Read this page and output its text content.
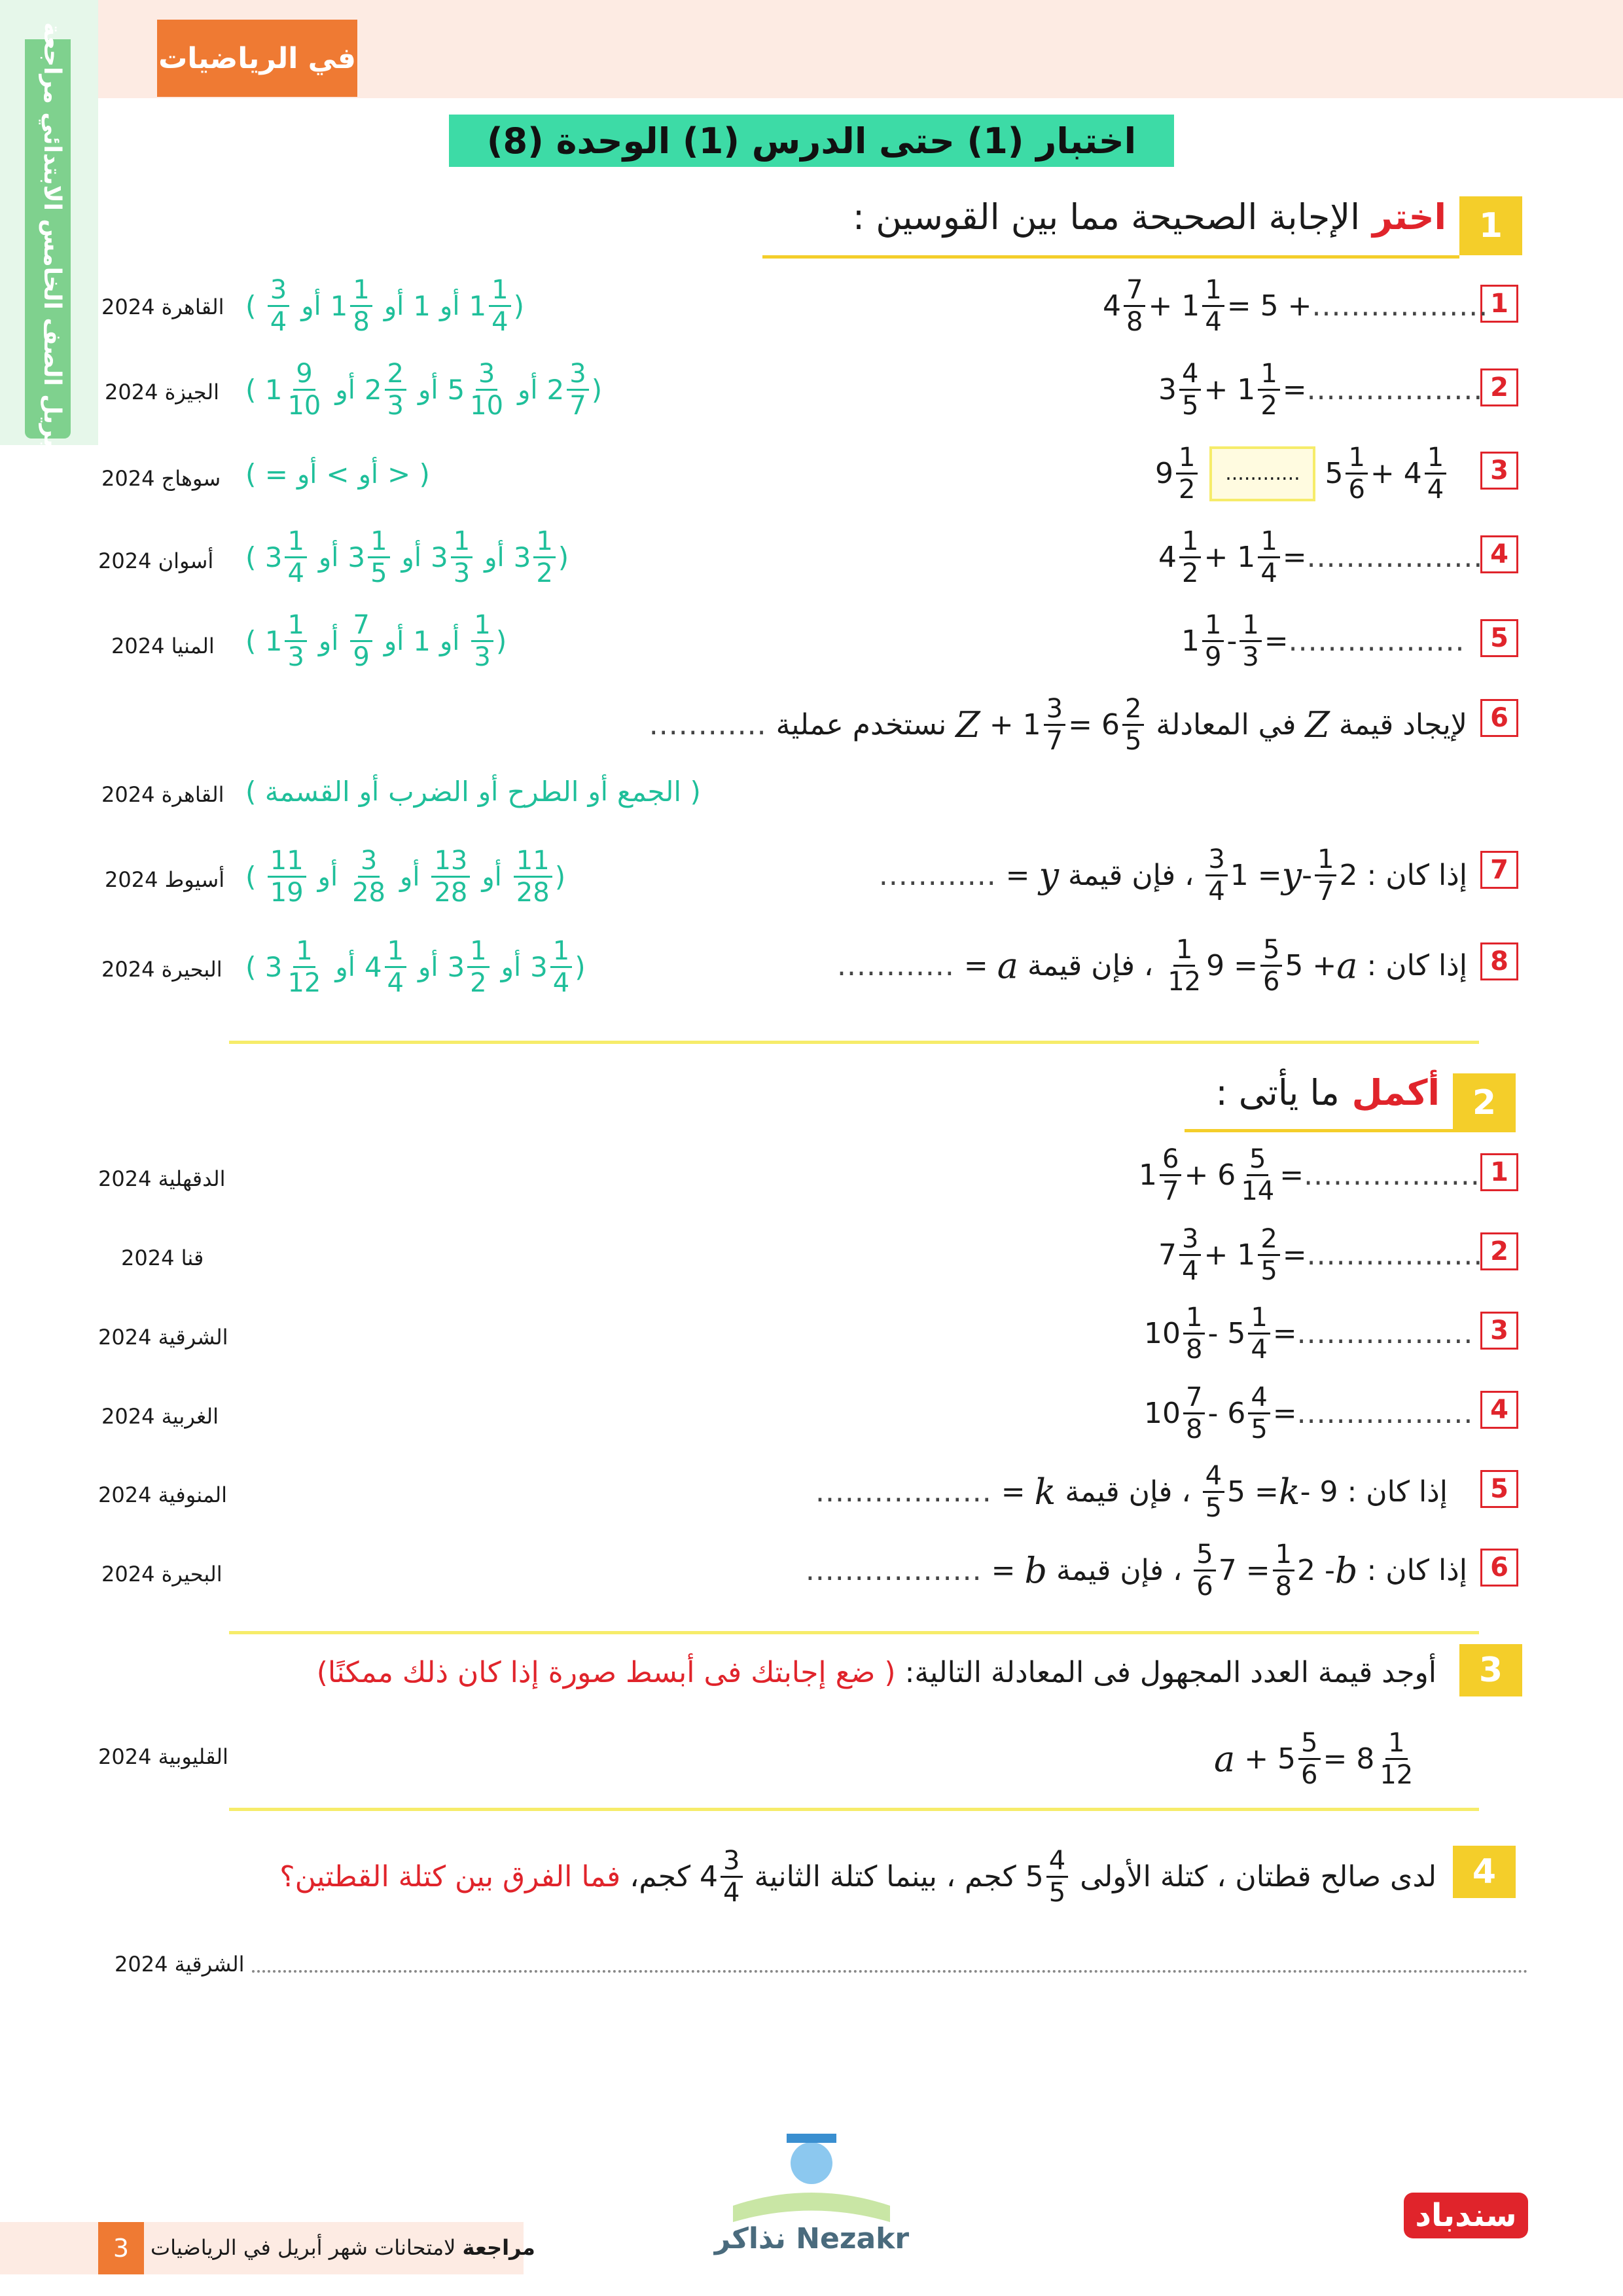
في الرياضيات
أبريل الصف الخامس الابتدائي مراجعة	اختبار (1) حتى الدرس (1) الوحدة (8)
1
اختر الإجابة الصحيحة مما بين القوسين :
1
$4 \frac{7}{8} + 1 \frac{1}{4} = 5$ + ..................
( $\frac{3}{4}$ أو $1 \frac{1}{8}$ أو 1 أو $1 \frac{1}{4}$ )
القاهرة 2024
2
$3 \frac{4}{5} + 1 \frac{1}{2}$ = ..................
( $1 \frac{9}{10}$ أو $2 \frac{2}{3}$ أو $5 \frac{3}{10}$ أو $2 \frac{3}{7}$ )
الجيزة 2024
3
$9 \frac{1}{2}$ ............ $5 \frac{1}{6} + 4 \frac{1}{4}$
( = أو < أو > )
سوهاج 2024
4
$4 \frac{1}{2} + 1 \frac{1}{4}$ = ..................
( $3 \frac{1}{4}$ أو $3 \frac{1}{5}$ أو $3 \frac{1}{3}$ أو $3 \frac{1}{2}$ )
أسوان 2024
5
$1 \frac{1}{9} - \frac{1}{3}$ = ..................
( $1 \frac{1}{3}$ أو $\frac{7}{9}$ أو 1 أو $\frac{1}{3}$ )
المنيا 2024
6
لإيجاد قيمة

Z

في المعادلة

$Z + 1 \frac{3}{7} = 6 \frac{2}{5}$

نستخدم عملية

............
( القسمة أو الضرب أو الطرح أو الجمع )
القاهرة 2024
7
إذا كان :

$\frac{3}{4} 1 = y - \frac{1}{7} 2$

، فإن قيمة

y
=
............
( $\frac{11}{19}$ أو $\frac{3}{28}$ أو $\frac{13}{28}$ أو $\frac{11}{28}$ )
أسيوط 2024
8
إذا كان :

$\frac{1}{12} 9 = \frac{5}{6} 5 + a$

، فإن قيمة

a
=
............
( $3 \frac{1}{12}$ أو $4 \frac{1}{4}$ أو $3 \frac{1}{2}$ أو $3 \frac{1}{4}$ )
البحيرة 2024
2
أكمل ما يأتى :
1
$1 \frac{6}{7} + 6 \frac{5}{14}$ = ..................
الدقهلية 2024
2
$7 \frac{3}{4} + 1 \frac{2}{5}$ = ..................
قنا 2024
3
$10 \frac{1}{8} - 5 \frac{1}{4}$ = ..................
الشرقية 2024
4
$10 \frac{7}{8} - 6 \frac{4}{5}$ = ..................
الغربية 2024
5
إذا كان :

$\frac{4}{5} 5 = k - 9$

، فإن قيمة

k
=
..................
المنوفية 2024
6
إذا كان :

$\frac{5}{6} 7 = \frac{1}{8} 2 - b$

، فإن قيمة

b
=
..................
البحيرة 2024
3
أوجد قيمة العدد المجهول فى المعادلة التالية: ( ضع إجابتك فى أبسط صورة إذا كان ذلك ممكنًا)
$a + 5 \frac{5}{6} = 8 \frac{1}{12}$
القليوبية 2024
4
لدى صالح قطتان ، كتلة الأولى

$5 \frac{4}{5}$

كجم ، بينما كتلة الثانية

$4 \frac{3}{4}$

كجم،

فما الفرق بين كتلة القطتين؟
الشرقية 2024
Nezakr نذاكر
3	مراجعة لامتحانات شهر أبريل في الرياضيات
سندباد
